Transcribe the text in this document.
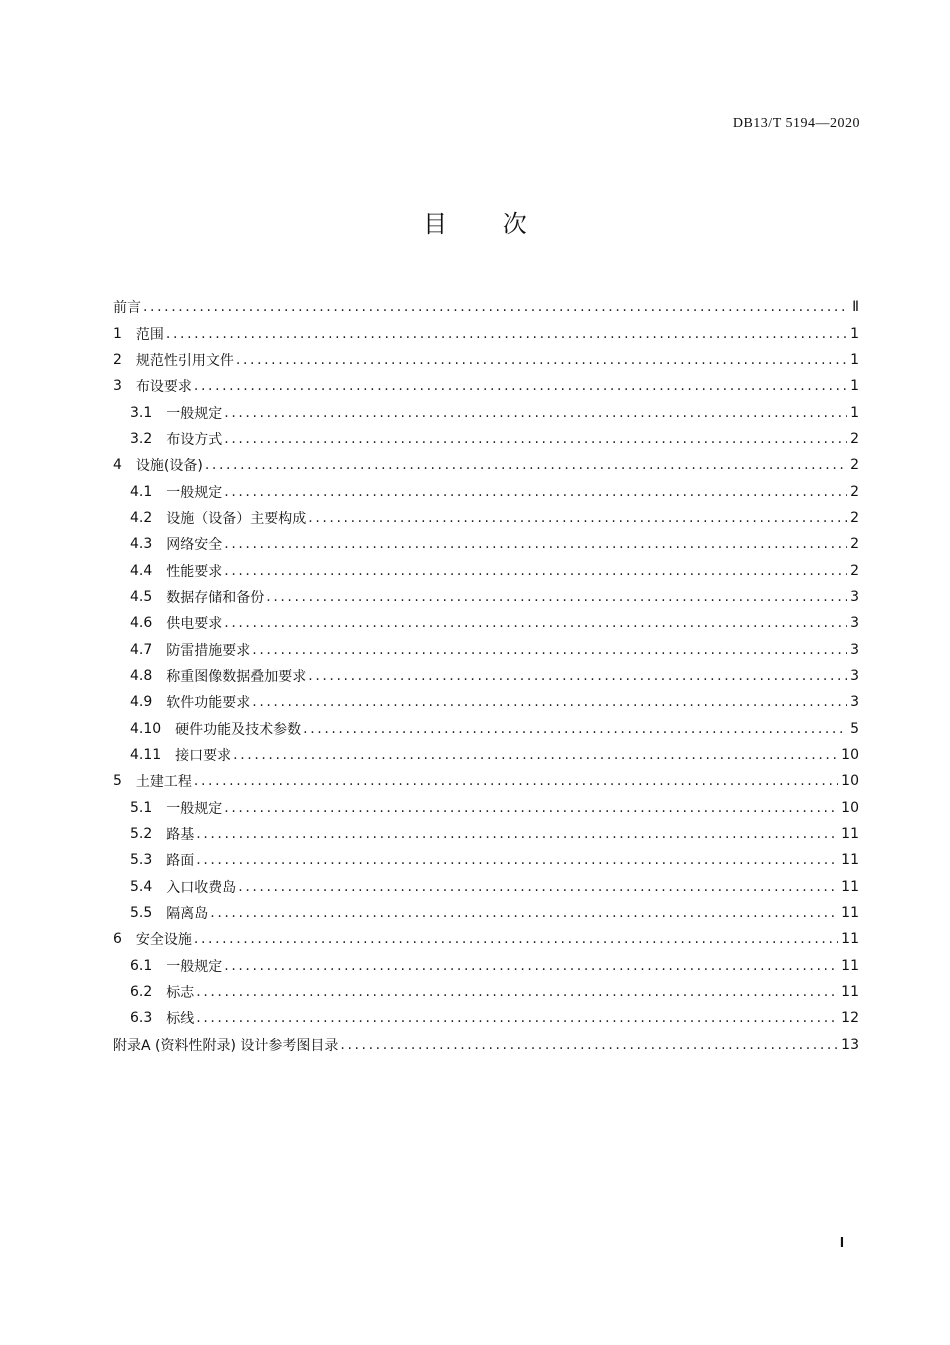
DB13/T 5194—2020
目 次
前言 .....	Ⅱ
1 范围 .....	1
2 规范性引用文件 .....	1
3 布设要求 .....	1
3.1 一般规定 .....	1
3.2 布设方式 .....	2
4 设施(设备) .....	2
4.1 一般规定 .....	2
4.2 设施（设备）主要构成 .....	2
4.3 网络安全 .....	2
4.4 性能要求 .....	2
4.5 数据存储和备份 .....	3
4.6 供电要求 .....	3
4.7 防雷措施要求 .....	3
4.8 称重图像数据叠加要求 .....	3
4.9 软件功能要求 .....	3
4.10 硬件功能及技术参数 .....	5
4.11 接口要求 .....	10
5 土建工程 .....	10
5.1 一般规定 .....	10
5.2 路基 .....	11
5.3 路面 .....	11
5.4 入口收费岛 .....	11
5.5 隔离岛 .....	11
6 安全设施 .....	11
6.1 一般规定 .....	11
6.2 标志 .....	11
6.3 标线 .....	12
附录A (资料性附录) 设计参考图目录 .....	13
I
